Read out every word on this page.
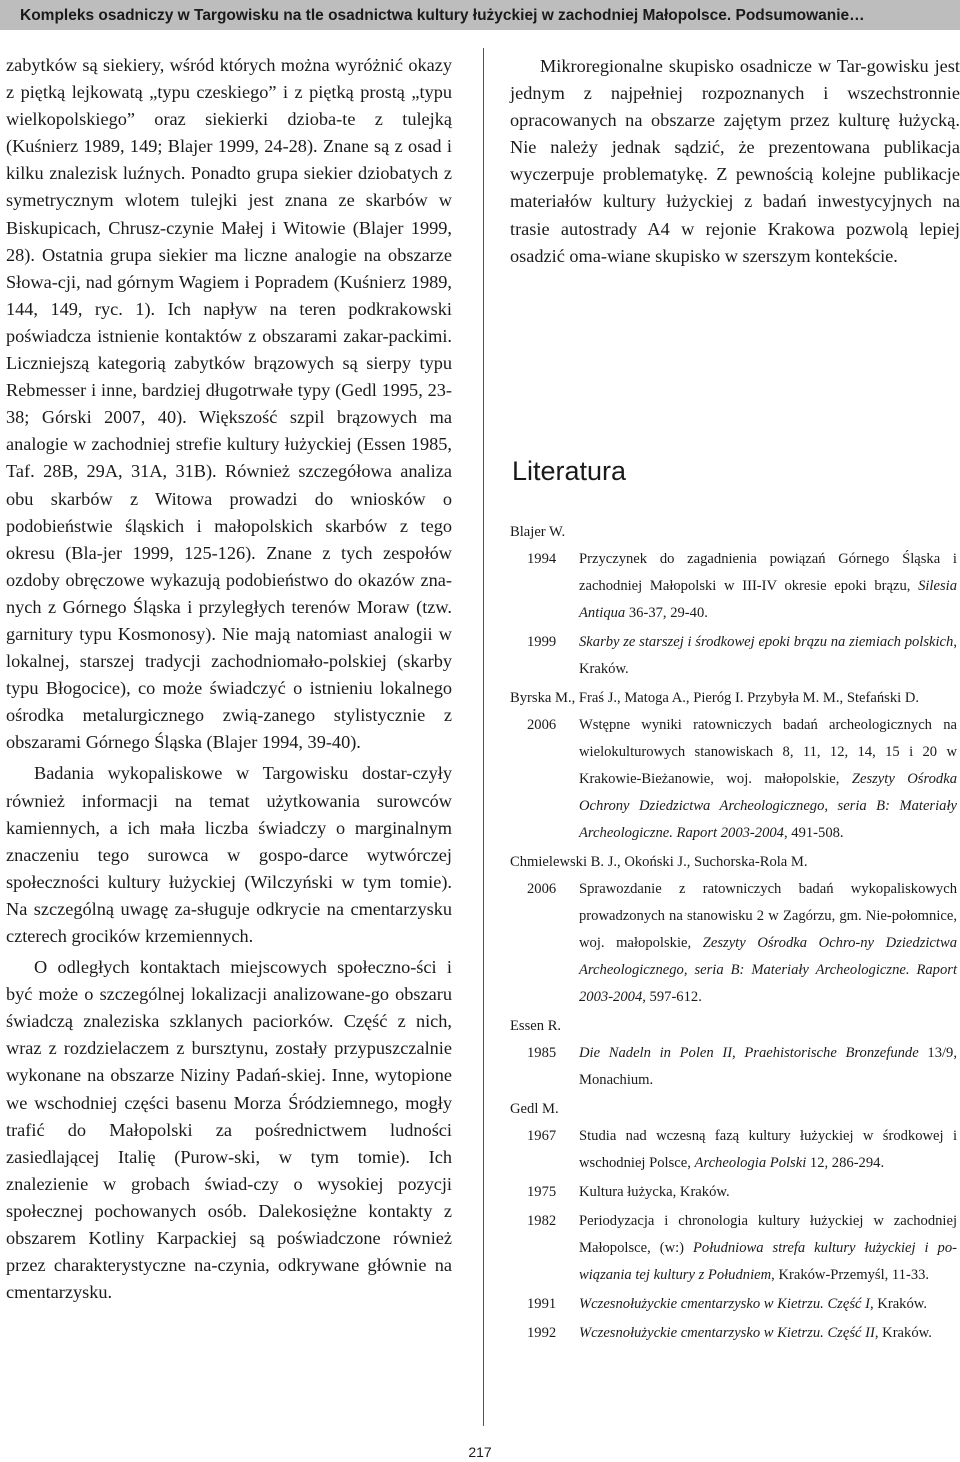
Kompleks osadniczy w Targowisku na tle osadnictwa kultury łużyckiej w zachodniej Małopolsce. Podsumowanie…

zabytków są siekiery, wśród których można wyróżnić okazy z piętką lejkowatą „typu czeskiego” i z piętką prostą „typu wielkopolskiego” oraz siekierki dzioba-te z tulejką (Kuśnierz 1989, 149; Blajer 1999, 24-28). Znane są z osad i kilku znalezisk luźnych. Ponadto grupa siekier dziobatych z symetrycznym wlotem tulejki jest znana ze skarbów w Biskupicach, Chrusz-czynie Małej i Witowie (Blajer 1999, 28). Ostatnia grupa siekier ma liczne analogie na obszarze Słowa-cji, nad górnym Wagiem i Popradem (Kuśnierz 1989, 144, 149, ryc. 1). Ich napływ na teren podkrakowski poświadcza istnienie kontaktów z obszarami zakar-packimi. Liczniejszą kategorią zabytków brązowych są sierpy typu Rebmesser i inne, bardziej długotrwałe typy (Gedl 1995, 23-38; Górski 2007, 40). Większość szpil brązowych ma analogie w zachodniej strefie kultury łużyckiej (Essen 1985, Taf. 28B, 29A, 31A, 31B). Również szczegółowa analiza obu skarbów z Witowa prowadzi do wniosków o podobieństwie śląskich i małopolskich skarbów z tego okresu (Bla-jer 1999, 125-126). Znane z tych zespołów ozdoby obręczowe wykazują podobieństwo do okazów zna-nych z Górnego Śląska i przyległych terenów Moraw (tzw. garnitury typu Kosmonosy). Nie mają natomiast analogii w lokalnej, starszej tradycji zachodniomało-polskiej (skarby typu Błogocice), co może świadczyć o istnieniu lokalnego ośrodka metalurgicznego zwią-zanego stylistycznie z obszarami Górnego Śląska (Blajer 1994, 39-40).

Badania wykopaliskowe w Targowisku dostar-czyły również informacji na temat użytkowania surowców kamiennych, a ich mała liczba świadczy o marginalnym znaczeniu tego surowca w gospo-darce wytwórczej społeczności kultury łużyckiej (Wilczyński w tym tomie). Na szczególną uwagę za-sługuje odkrycie na cmentarzysku czterech grocików krzemiennych.

O odległych kontaktach miejscowych społeczno-ści i być może o szczególnej lokalizacji analizowane-go obszaru świadczą znaleziska szklanych paciorków. Część z nich, wraz z rozdzielaczem z bursztynu, zostały przypuszczalnie wykonane na obszarze Niziny Padań-skiej. Inne, wytopione we wschodniej części basenu Morza Śródziemnego, mogły trafić do Małopolski za pośrednictwem ludności zasiedlającej Italię (Purow-ski, w tym tomie). Ich znalezienie w grobach świad-czy o wysokiej pozycji społecznej pochowanych osób. Dalekosiężne kontakty z obszarem Kotliny Karpackiej są poświadczone również przez charakterystyczne na-czynia, odkrywane głównie na cmentarzysku.

Mikroregionalne skupisko osadnicze w Tar-gowisku jest jednym z najpełniej rozpoznanych i wszechstronnie opracowanych na obszarze zajętym przez kulturę łużycką. Nie należy jednak sądzić, że prezentowana publikacja wyczerpuje problematykę. Z pewnością kolejne publikacje materiałów kultury łużyckiej z badań inwestycyjnych na trasie autostrady A4 w rejonie Krakowa pozwolą lepiej osadzić oma-wiane skupisko w szerszym kontekście.

Literatura

Blajer W.

1994	Przyczynek do zagadnienia powiązań Górnego Śląska i zachodniej Małopolski w III-IV okresie epoki brązu, Silesia Antiqua 36-37, 29-40.
1999	Skarby ze starszej i środkowej epoki brązu na ziemiach polskich, Kraków.

Byrska M., Fraś J., Matoga A., Pieróg I. Przybyła M. M., Stefański D.

2006	Wstępne wyniki ratowniczych badań archeologicznych na wielokulturowych stanowiskach 8, 11, 12, 14, 15 i 20 w Krakowie-Bieżanowie, woj. małopolskie, Zeszyty Ośrodka Ochrony Dziedzictwa Archeologicznego, seria B: Materiały Archeologiczne. Raport 2003-2004, 491-508.

Chmielewski B. J., Okoński J., Suchorska-Rola M.

2006	Sprawozdanie z ratowniczych badań wykopaliskowych prowadzonych na stanowisku 2 w Zagórzu, gm. Nie-połomnice, woj. małopolskie, Zeszyty Ośrodka Ochro-ny Dziedzictwa Archeologicznego, seria B: Materiały Archeologiczne. Raport 2003-2004, 597-612.

Essen R.

1985	Die Nadeln in Polen II, Praehistorische Bronzefunde 13/9, Monachium.

Gedl M.

1967	Studia nad wczesną fazą kultury łużyckiej w środkowej i wschodniej Polsce, Archeologia Polski 12, 286-294.
1975	Kultura łużycka, Kraków.
1982	Periodyzacja i chronologia kultury łużyckiej w zachodniej Małopolsce, (w:) Południowa strefa kultury łużyckiej i po-wiązania tej kultury z Południem, Kraków-Przemyśl, 11-33.
1991	Wczesnołużyckie cmentarzysko w Kietrzu. Część I, Kraków.
1992	Wczesnołużyckie cmentarzysko w Kietrzu. Część II, Kraków.
217
